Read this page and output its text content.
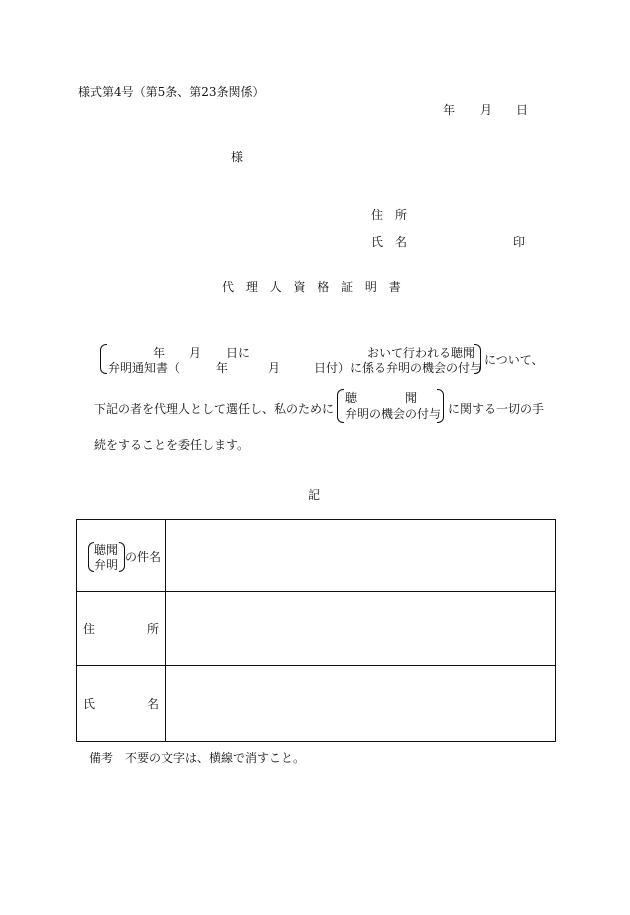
様式第4号（第5条、第23条関係）
年 月 日
様
住　所
氏　名	印
代 理 人 資 格 証 明 書
年 月 日に	おいて行われる聴聞
弁明通知書（	年	月	日付）に係る弁明の機会の付与
について、
下記の者を代理人として選任し、私のために
聴　　　　聞
弁明の機会の付与 に関する一切の手
続をすることを委任します。
記
聴聞
弁明
の件名	

住 所	

氏 名	

備考　不要の文字は、横線で消すこと。
